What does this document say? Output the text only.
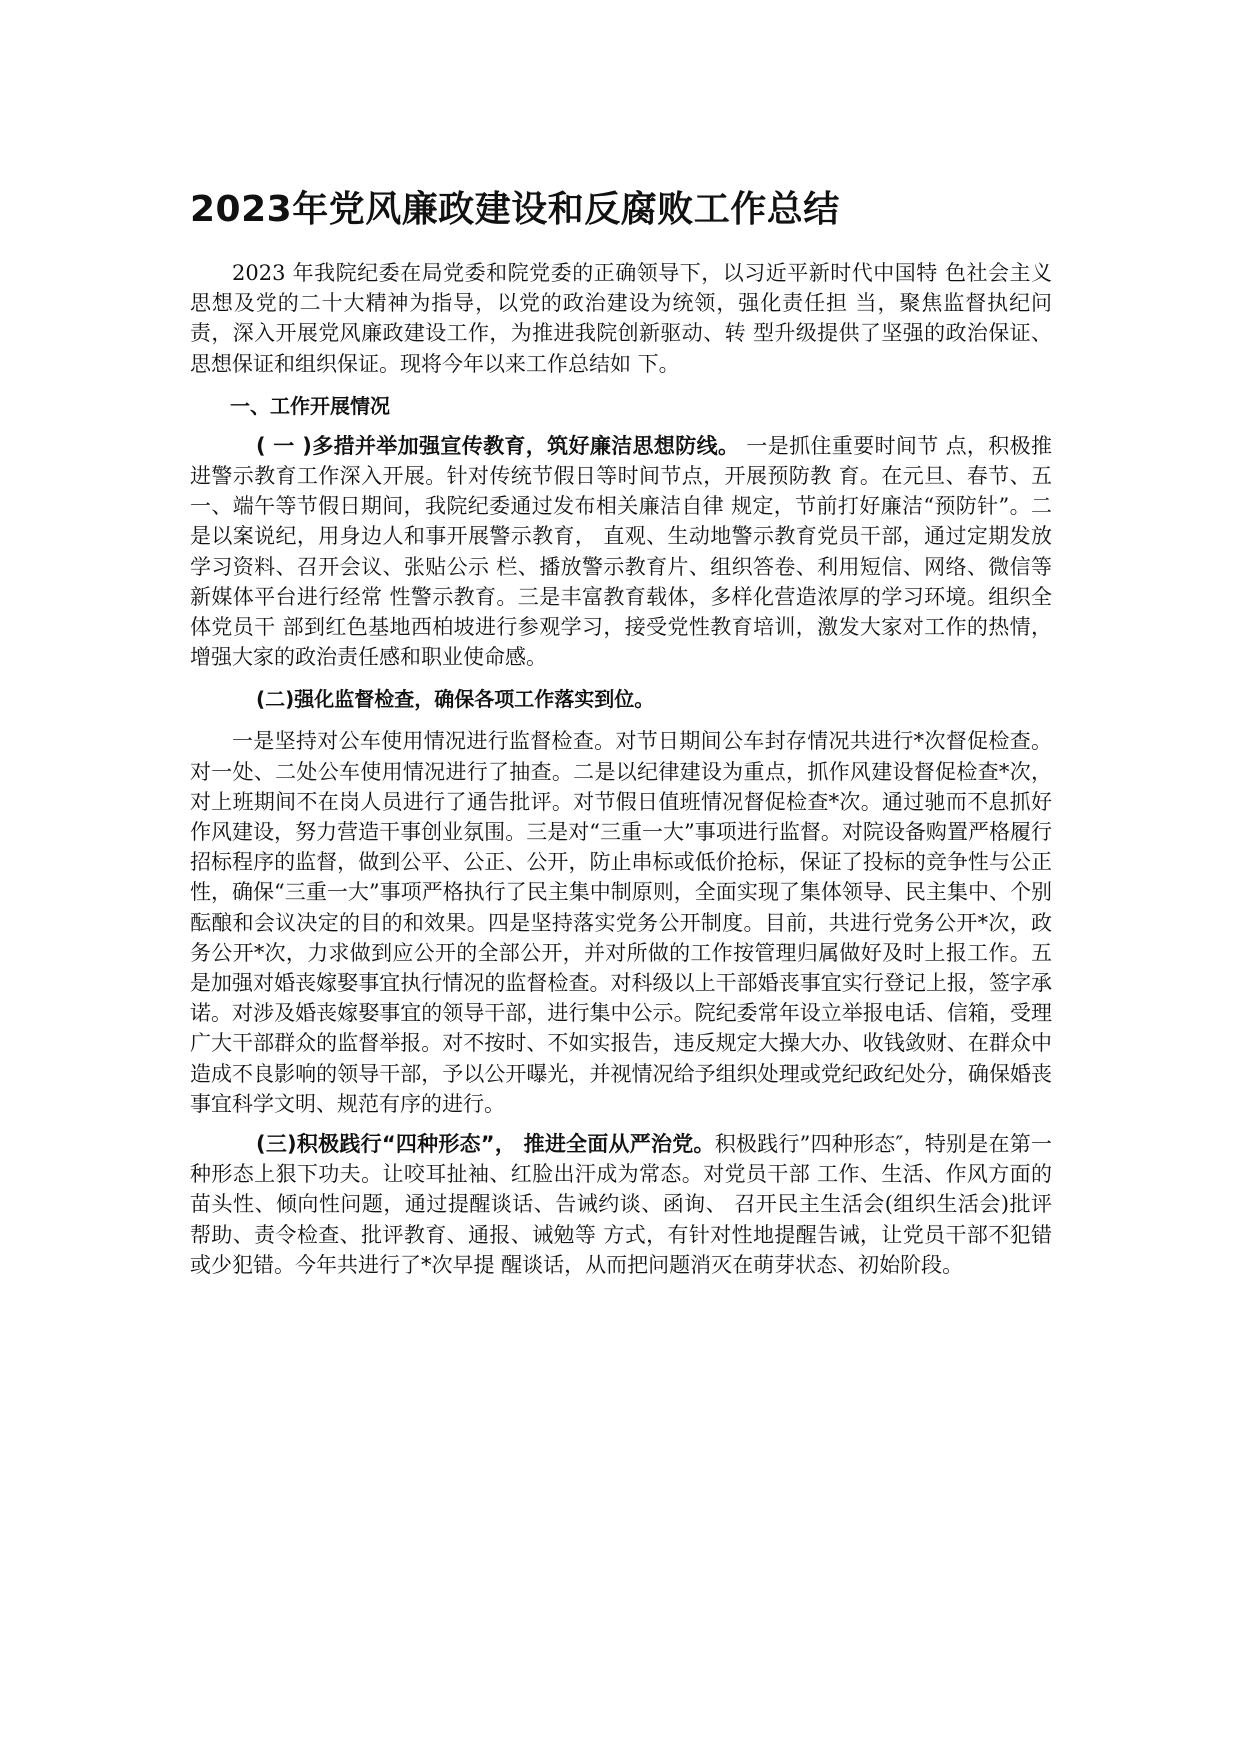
2023年党风廉政建设和反腐败工作总结

2023 年我院纪委在局党委和院党委的正确领导下，以习近平新时代中国特 色社会主义思想及党的二十大精神为指导，以党的政治建设为统领，强化责任担 当，聚焦监督执纪问责，深入开展党风廉政建设工作，为推进我院创新驱动、转 型升级提供了坚强的政治保证、思想保证和组织保证。现将今年以来工作总结如 下。

一、工作开展情况

( 一 )多措并举加强宣传教育，筑好廉洁思想防线。 一是抓住重要时间节 点，积极推进警示教育工作深入开展。针对传统节假日等时间节点，开展预防教 育。在元旦、春节、五一、端午等节假日期间，我院纪委通过发布相关廉洁自律 规定，节前打好廉洁“预防针”。二是以案说纪，用身边人和事开展警示教育， 直观、生动地警示教育党员干部，通过定期发放学习资料、召开会议、张贴公示 栏、播放警示教育片、组织答卷、利用短信、网络、微信等新媒体平台进行经常 性警示教育。三是丰富教育载体，多样化营造浓厚的学习环境。组织全体党员干 部到红色基地西柏坡进行参观学习，接受党性教育培训，激发大家对工作的热情， 增强大家的政治责任感和职业使命感。

(二)强化监督检查，确保各项工作落实到位。

一是坚持对公车使用情况进行监督检查。对节日期间公车封存情况共进行*次督促检查。对一处、二处公车使用情况进行了抽查。二是以纪律建设为重点，抓作风建设督促检查*次，对上班期间不在岗人员进行了通告批评。对节假日值班情况督促检查*次。通过驰而不息抓好作风建设，努力营造干事创业氛围。三是对“三重一大”事项进行监督。对院设备购置严格履行招标程序的监督，做到公平、公正、公开，防止串标或低价抢标，保证了投标的竞争性与公正性，确保“三重一大”事项严格执行了民主集中制原则，全面实现了集体领导、民主集中、个别酝酿和会议决定的目的和效果。四是坚持落实党务公开制度。目前，共进行党务公开*次，政务公开*次，力求做到应公开的全部公开，并对所做的工作按管理归属做好及时上报工作。五是加强对婚丧嫁娶事宜执行情况的监督检查。对科级以上干部婚丧事宜实行登记上报，签字承诺。对涉及婚丧嫁娶事宜的领导干部，进行集中公示。院纪委常年设立举报电话、信箱，受理广大干部群众的监督举报。对不按时、不如实报告，违反规定大操大办、收钱敛财、在群众中造成不良影响的领导干部，予以公开曝光，并视情况给予组织处理或党纪政纪处分，确保婚丧事宜科学文明、规范有序的进行。

(三)积极践行“四种形态”， 推进全面从严治党。积极践行”四种形态″，特别是在第一种形态上狠下功夫。让咬耳扯袖、红脸出汗成为常态。对党员干部 工作、生活、作风方面的苗头性、倾向性问题，通过提醒谈话、告诫约谈、函询、 召开民主生活会(组织生活会)批评帮助、责令检查、批评教育、通报、诫勉等 方式，有针对性地提醒告诫，让党员干部不犯错或少犯错。今年共进行了*次早提 醒谈话，从而把问题消灭在萌芽状态、初始阶段。
